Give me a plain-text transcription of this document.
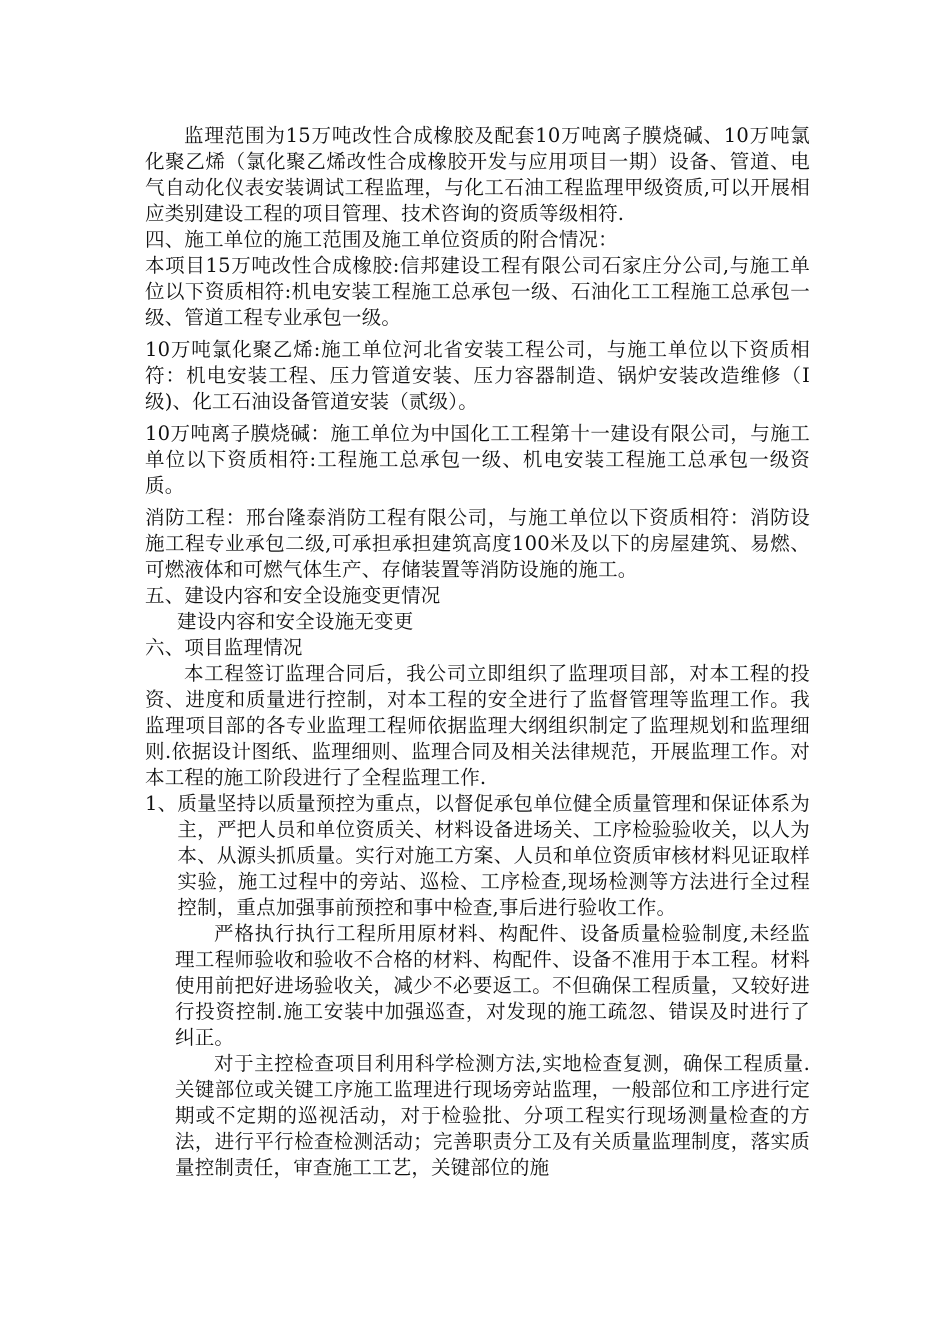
监理范围为15万吨改性合成橡胶及配套10万吨离子膜烧碱、10万吨氯化聚乙烯（氯化聚乙烯改性合成橡胶开发与应用项目一期）设备、管道、电气自动化仪表安装调试工程监理，与化工石油工程监理甲级资质,可以开展相应类别建设工程的项目管理、技术咨询的资质等级相符.

四、施工单位的施工范围及施工单位资质的附合情况：

本项目15万吨改性合成橡胶:信邦建设工程有限公司石家庄分公司,与施工单位以下资质相符:机电安装工程施工总承包一级、石油化工工程施工总承包一级、管道工程专业承包一级。

10万吨氯化聚乙烯:施工单位河北省安装工程公司，与施工单位以下资质相符：机电安装工程、压力管道安装、压力容器制造、锅炉安装改造维修（Ⅰ级)、化工石油设备管道安装（贰级）。

10万吨离子膜烧碱：施工单位为中国化工工程第十一建设有限公司，与施工单位以下资质相符:工程施工总承包一级、机电安装工程施工总承包一级资质。

消防工程：邢台隆泰消防工程有限公司，与施工单位以下资质相符：消防设施工程专业承包二级,可承担承担建筑高度100米及以下的房屋建筑、易燃、可燃液体和可燃气体生产、存储装置等消防设施的施工。

五、建设内容和安全设施变更情况

建设内容和安全设施无变更

六、项目监理情况

本工程签订监理合同后，我公司立即组织了监理项目部，对本工程的投资、进度和质量进行控制，对本工程的安全进行了监督管理等监理工作。我监理项目部的各专业监理工程师依据监理大纲组织制定了监理规划和监理细则.依据设计图纸、监理细则、监理合同及相关法律规范，开展监理工作。对本工程的施工阶段进行了全程监理工作.

1、 质量坚持以质量预控为重点，以督促承包单位健全质量管理和保证体系为主，严把人员和单位资质关、材料设备进场关、工序检验验收关，以人为本、从源头抓质量。实行对施工方案、人员和单位资质审核材料见证取样实验，施工过程中的旁站、巡检、工序检查,现场检测等方法进行全过程控制，重点加强事前预控和事中检查,事后进行验收工作。

严格执行执行工程所用原材料、构配件、设备质量检验制度,未经监理工程师验收和验收不合格的材料、构配件、设备不准用于本工程。材料使用前把好进场验收关，减少不必要返工。不但确保工程质量，又较好进行投资控制.施工安装中加强巡查，对发现的施工疏忽、错误及时进行了纠正。

对于主控检查项目利用科学检测方法,实地检查复测，确保工程质量.关键部位或关键工序施工监理进行现场旁站监理，一般部位和工序进行定期或不定期的巡视活动，对于检验批、分项工程实行现场测量检查的方法，进行平行检查检测活动；完善职责分工及有关质量监理制度，落实质量控制责任，审查施工工艺，关键部位的施
